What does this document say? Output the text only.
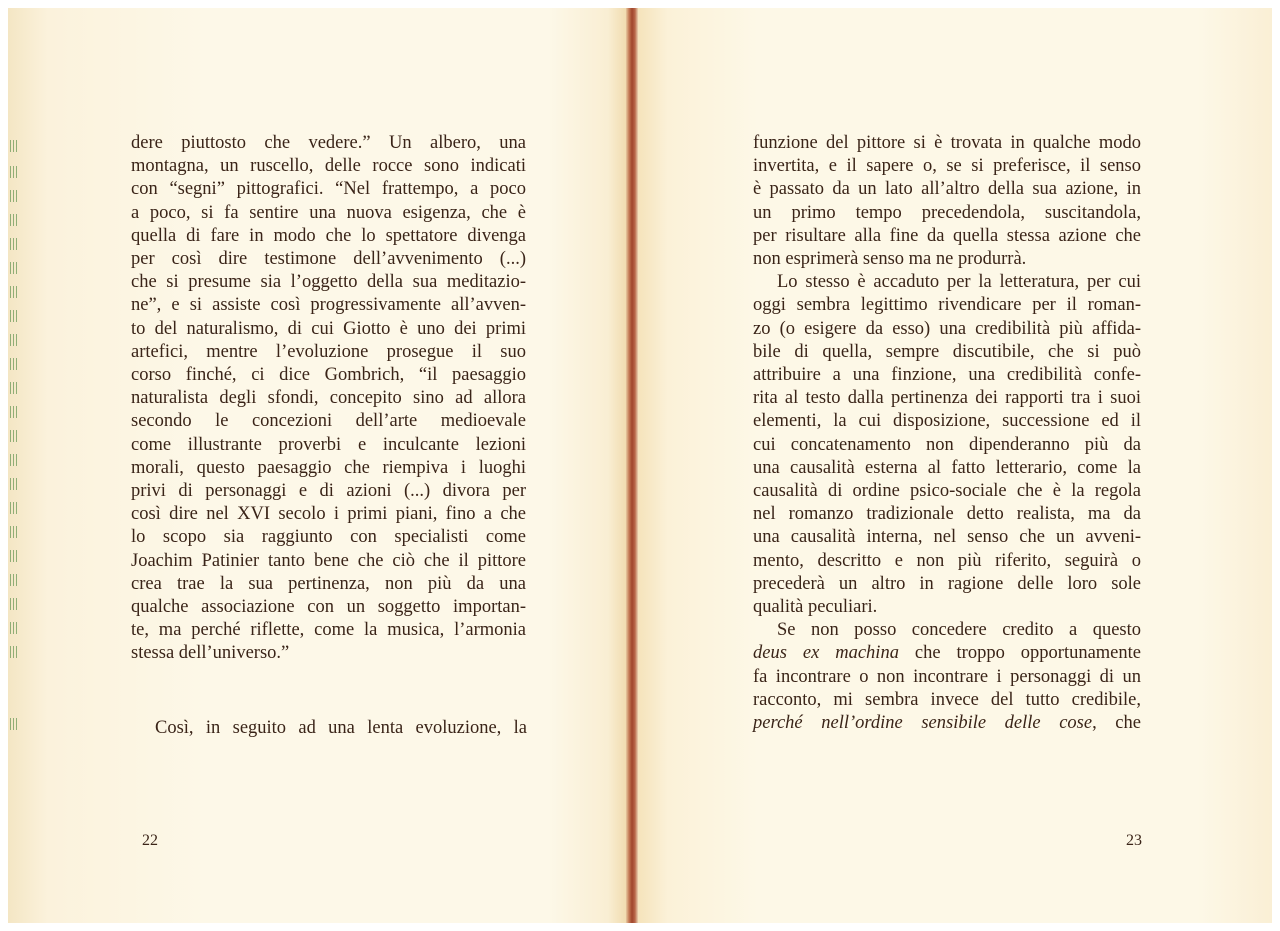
dere piuttosto che vedere.” Un albero, una
montagna, un ruscello, delle rocce sono indicati
con “segni” pittografici. “Nel frattempo, a poco
a poco, si fa sentire una nuova esigenza, che è
quella di fare in modo che lo spettatore divenga
per così dire testimone dell’avvenimento (...)
che si presume sia l’oggetto della sua meditazio-
ne”, e si assiste così progressivamente all’avven-
to del naturalismo, di cui Giotto è uno dei primi
artefici, mentre l’evoluzione prosegue il suo
corso finché, ci dice Gombrich, “il paesaggio
naturalista degli sfondi, concepito sino ad allora
secondo le concezioni dell’arte medioevale
come illustrante proverbi e inculcante lezioni
morali, questo paesaggio che riempiva i luoghi
privi di personaggi e di azioni (...) divora per
così dire nel XVI secolo i primi piani, fino a che
lo scopo sia raggiunto con specialisti come
Joachim Patinier tanto bene che ciò che il pittore
crea trae la sua pertinenza, non più da una
qualche associazione con un soggetto importan-
te, ma perché riflette, come la musica, l’armonia
stessa dell’universo.”
Così, in seguito ad una lenta evoluzione, la
22
funzione del pittore si è trovata in qualche modo
invertita, e il sapere o, se si preferisce, il senso
è passato da un lato all’altro della sua azione, in
un primo tempo precedendola, suscitandola,
per risultare alla fine da quella stessa azione che
non esprimerà senso ma ne produrrà.
Lo stesso è accaduto per la letteratura, per cui
oggi sembra legittimo rivendicare per il roman-
zo (o esigere da esso) una credibilità più affida-
bile di quella, sempre discutibile, che si può
attribuire a una finzione, una credibilità confe-
rita al testo dalla pertinenza dei rapporti tra i suoi
elementi, la cui disposizione, successione ed il
cui concatenamento non dipenderanno più da
una causalità esterna al fatto letterario, come la
causalità di ordine psico-sociale che è la regola
nel romanzo tradizionale detto realista, ma da
una causalità interna, nel senso che un avveni-
mento, descritto e non più riferito, seguirà o
precederà un altro in ragione delle loro sole
qualità peculiari.
Se non posso concedere credito a questo
deus ex machina che troppo opportunamente
fa incontrare o non incontrare i personaggi di un
racconto, mi sembra invece del tutto credibile,
perché nell’ordine sensibile delle cose, che
23
